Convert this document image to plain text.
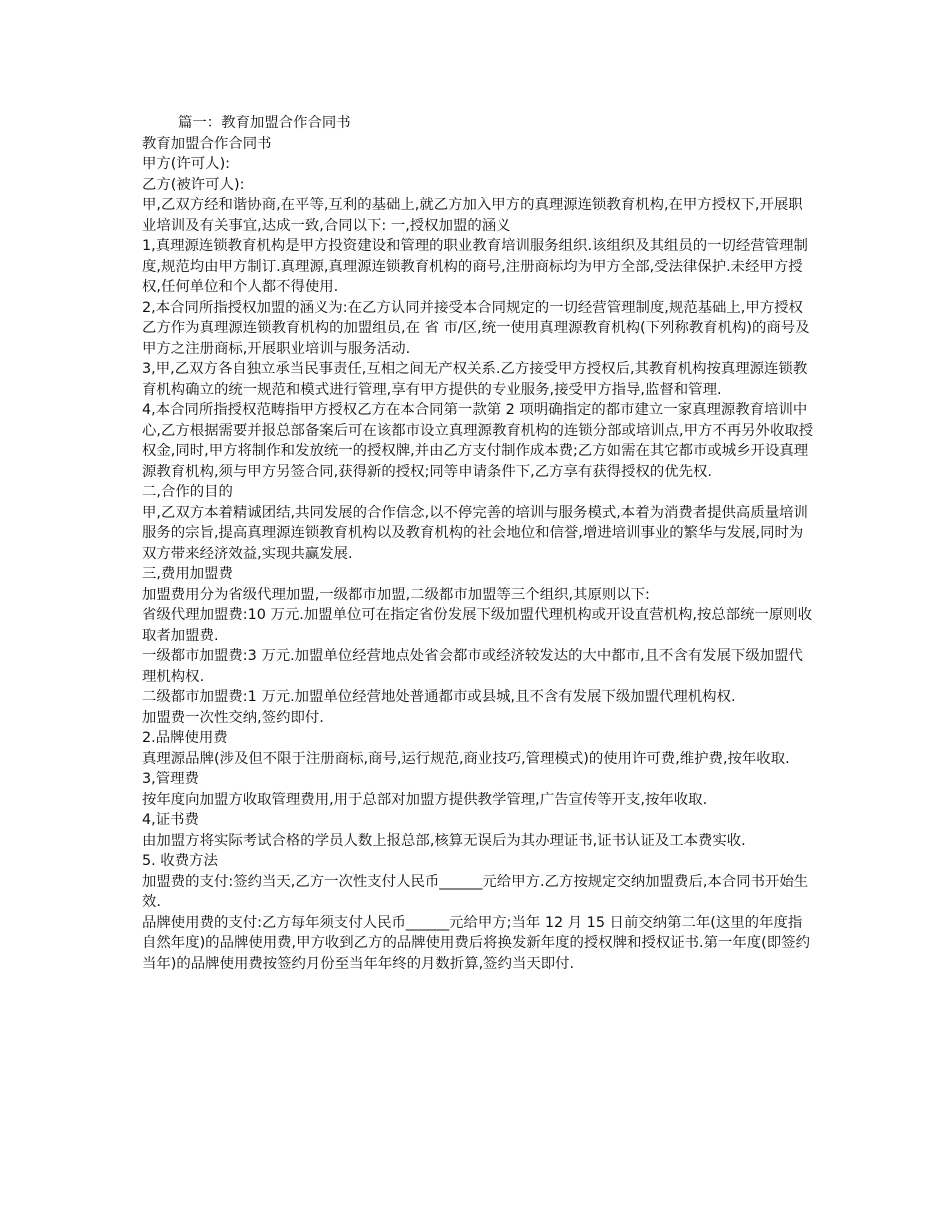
篇一：教育加盟合作合同书

教育加盟合作合同书

甲方(许可人):

乙方(被许可人):

甲,乙双方经和谐协商,在平等,互利的基础上,就乙方加入甲方的真理源连锁教育机构,在甲方授权下,开展职业培训及有关事宜,达成一致,合同以下: 一,授权加盟的涵义

1,真理源连锁教育机构是甲方投资建设和管理的职业教育培训服务组织.该组织及其组员的一切经营管理制度,规范均由甲方制订.真理源,真理源连锁教育机构的商号,注册商标均为甲方全部,受法律保护.未经甲方授权,任何单位和个人都不得使用.

2,本合同所指授权加盟的涵义为:在乙方认同并接受本合同规定的一切经营管理制度,规范基础上,甲方授权乙方作为真理源连锁教育机构的加盟组员,在 省 市/区,统一使用真理源教育机构(下列称教育机构)的商号及甲方之注册商标,开展职业培训与服务活动.

3,甲,乙双方各自独立承当民事责任,互相之间无产权关系.乙方接受甲方授权后,其教育机构按真理源连锁教育机构确立的统一规范和模式进行管理,享有甲方提供的专业服务,接受甲方指导,监督和管理.

4,本合同所指授权范畴指甲方授权乙方在本合同第一款第 2 项明确指定的都市建立一家真理源教育培训中心,乙方根据需要并报总部备案后可在该都市设立真理源教育机构的连锁分部或培训点,甲方不再另外收取授权金,同时,甲方将制作和发放统一的授权牌,并由乙方支付制作成本费;乙方如需在其它都市或城乡开设真理源教育机构,须与甲方另签合同,获得新的授权;同等申请条件下,乙方享有获得授权的优先权.

二,合作的目的

甲,乙双方本着精诚团结,共同发展的合作信念,以不停完善的培训与服务模式,本着为消费者提供高质量培训服务的宗旨,提高真理源连锁教育机构以及教育机构的社会地位和信誉,增进培训事业的繁华与发展,同时为双方带来经济效益,实现共赢发展.

三,费用加盟费

加盟费用分为省级代理加盟,一级都市加盟,二级都市加盟等三个组织,其原则以下:

省级代理加盟费:10 万元.加盟单位可在指定省份发展下级加盟代理机构或开设直营机构,按总部统一原则收取者加盟费.

一级都市加盟费:3 万元.加盟单位经营地点处省会都市或经济较发达的大中都市,且不含有发展下级加盟代理机构权.

二级都市加盟费:1 万元.加盟单位经营地处普通都市或县城,且不含有发展下级加盟代理机构权.

加盟费一次性交纳,签约即付.

2.品牌使用费

真理源品牌(涉及但不限于注册商标,商号,运行规范,商业技巧,管理模式)的使用许可费,维护费,按年收取.

3,管理费

按年度向加盟方收取管理费用,用于总部对加盟方提供教学管理,广告宣传等开支,按年收取.

4,证书费

由加盟方将实际考试合格的学员人数上报总部,核算无误后为其办理证书,证书认证及工本费实收.

5. 收费方法

加盟费的支付:签约当天,乙方一次性支付人民币______元给甲方.乙方按规定交纳加盟费后,本合同书开始生效.

品牌使用费的支付:乙方每年须支付人民币______元给甲方;当年 12 月 15 日前交纳第二年(这里的年度指自然年度)的品牌使用费,甲方收到乙方的品牌使用费后将换发新年度的授权牌和授权证书.第一年度(即签约当年)的品牌使用费按签约月份至当年年终的月数折算,签约当天即付.
